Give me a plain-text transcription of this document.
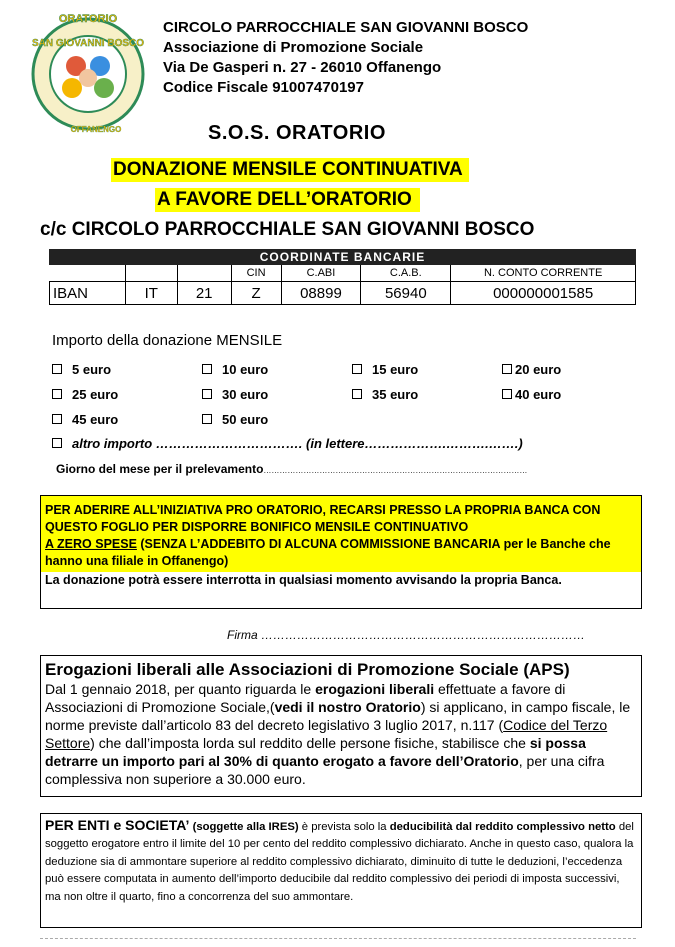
ORATORIO
SAN GIOVANNI BOSCO
OFFANENGO
CIRCOLO PARROCCHIALE SAN GIOVANNI BOSCO
Associazione di Promozione Sociale
Via De Gasperi n. 27 - 26010 Offanengo
Codice Fiscale 91007470197
S.O.S. ORATORIO
DONAZIONE MENSILE CONTINUATIVA
A FAVORE DELL’ORATORIO
c/c CIRCOLO PARROCCHIALE SAN GIOVANNI BOSCO
COORDINATE BANCARIE
			CIN	C.ABI	C.A.B.	N. CONTO CORRENTE
IBAN	IT	21	Z	08899	56940	000000001585
Importo della donazione MENSILE
5 euro	10 euro	15 euro	20 euro
25 euro	30 euro	35 euro	40 euro
45 euro	50 euro
altro importo ……………………………. (in lettere……………….……….…….)
Giorno del mese per il prelevamento………………………………………………………………………………………
PER ADERIRE ALL’INIZIATIVA PRO ORATORIO, RECARSI PRESSO LA PROPRIA BANCA CON QUESTO FOGLIO PER DISPORRE BONIFICO MENSILE CONTINUATIVO
A ZERO SPESE (SENZA L’ADDEBITO DI ALCUNA COMMISSIONE BANCARIA per le Banche che hanno una filiale in Offanengo)
La donazione potrà essere interrotta in qualsiasi momento avvisando la propria Banca.
Firma ………………………………………………………………………
Erogazioni liberali alle Associazioni di Promozione Sociale (APS)
Dal 1 gennaio 2018, per quanto riguarda le erogazioni liberali effettuate a favore di Associazioni di Promozione Sociale,(vedi il nostro Oratorio) si applicano, in campo fiscale, le norme previste dall’articolo 83 del decreto legislativo 3 luglio 2017, n.117 (Codice del Terzo Settore) che dall’imposta lorda sul reddito delle persone fisiche, stabilisce che si possa detrarre un importo pari al 30% di quanto erogato a favore dell’Oratorio, per una cifra complessiva non superiore a 30.000 euro.
PER ENTI e SOCIETA’ (soggette alla IRES) è prevista solo la deducibilità dal reddito complessivo netto del soggetto erogatore entro il limite del 10 per cento del reddito complessivo dichiarato. Anche in questo caso, qualora la deduzione sia di ammontare superiore al reddito complessivo dichiarato, diminuito di tutte le deduzioni, l’eccedenza può essere computata in aumento dell’importo deducibile dal reddito complessivo dei periodi di imposta successivi, ma non oltre il quarto, fino a concorrenza del suo ammontare.
